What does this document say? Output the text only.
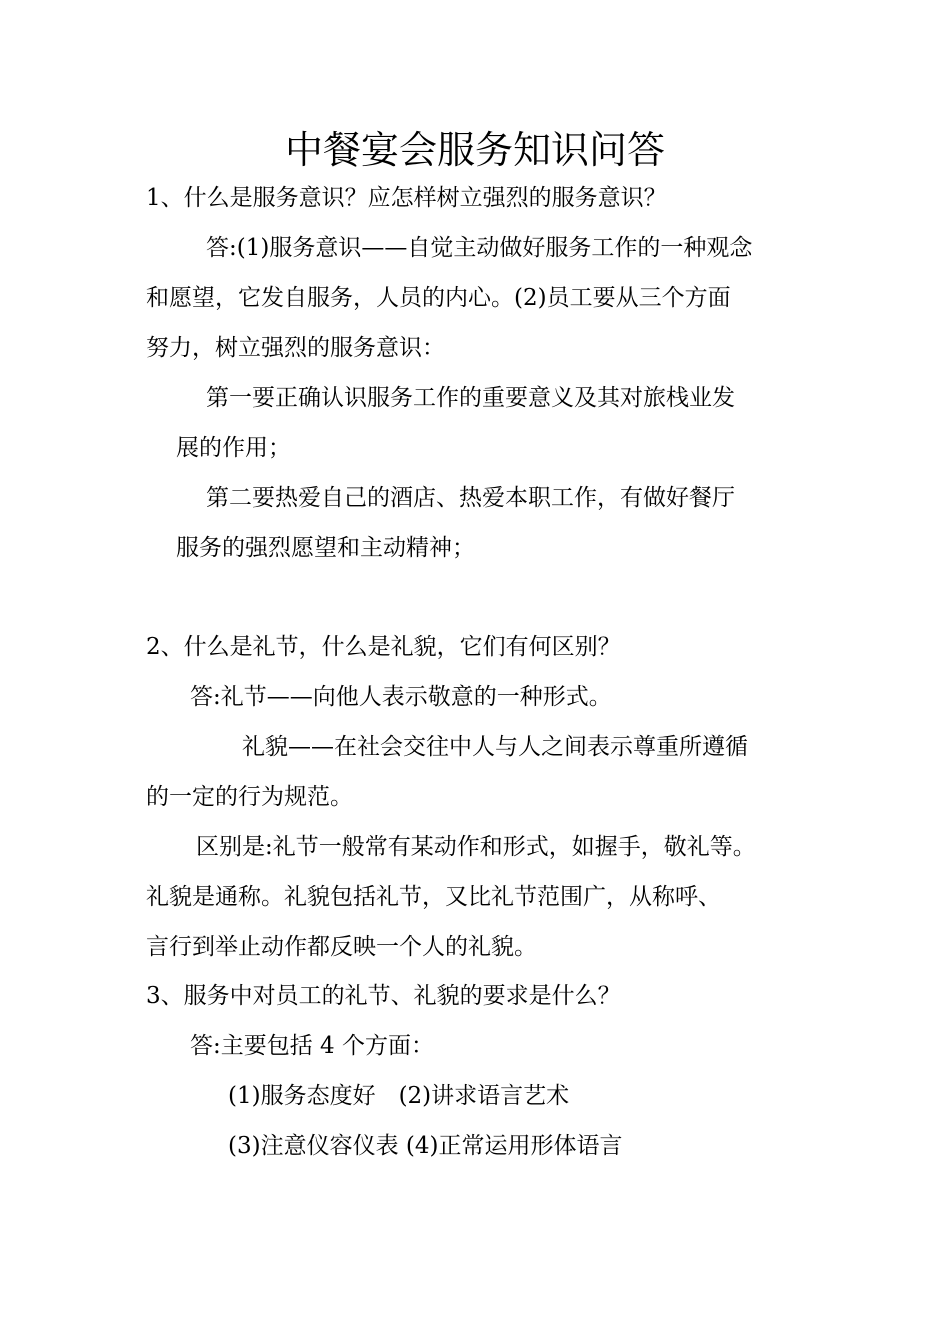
中餐宴会服务知识问答
1、什么是服务意识？应怎样树立强烈的服务意识？
答:(1)服务意识——自觉主动做好服务工作的一种观念
和愿望，它发自服务，人员的内心。(2)员工要从三个方面
努力，树立强烈的服务意识：
第一要正确认识服务工作的重要意义及其对旅栈业发
展的作用；
第二要热爱自己的酒店、热爱本职工作，有做好餐厅
服务的强烈愿望和主动精神；
2、什么是礼节，什么是礼貌，它们有何区别？
答:礼节——向他人表示敬意的一种形式。
礼貌——在社会交往中人与人之间表示尊重所遵循
的一定的行为规范。
区别是:礼节一般常有某动作和形式，如握手，敬礼等。
礼貌是通称。礼貌包括礼节，又比礼节范围广，从称呼、
言行到举止动作都反映一个人的礼貌。
3、服务中对员工的礼节、礼貌的要求是什么？
答:主要包括 4 个方面：
(1)服务态度好　(2)讲求语言艺术
(3)注意仪容仪表 (4)正常运用形体语言
